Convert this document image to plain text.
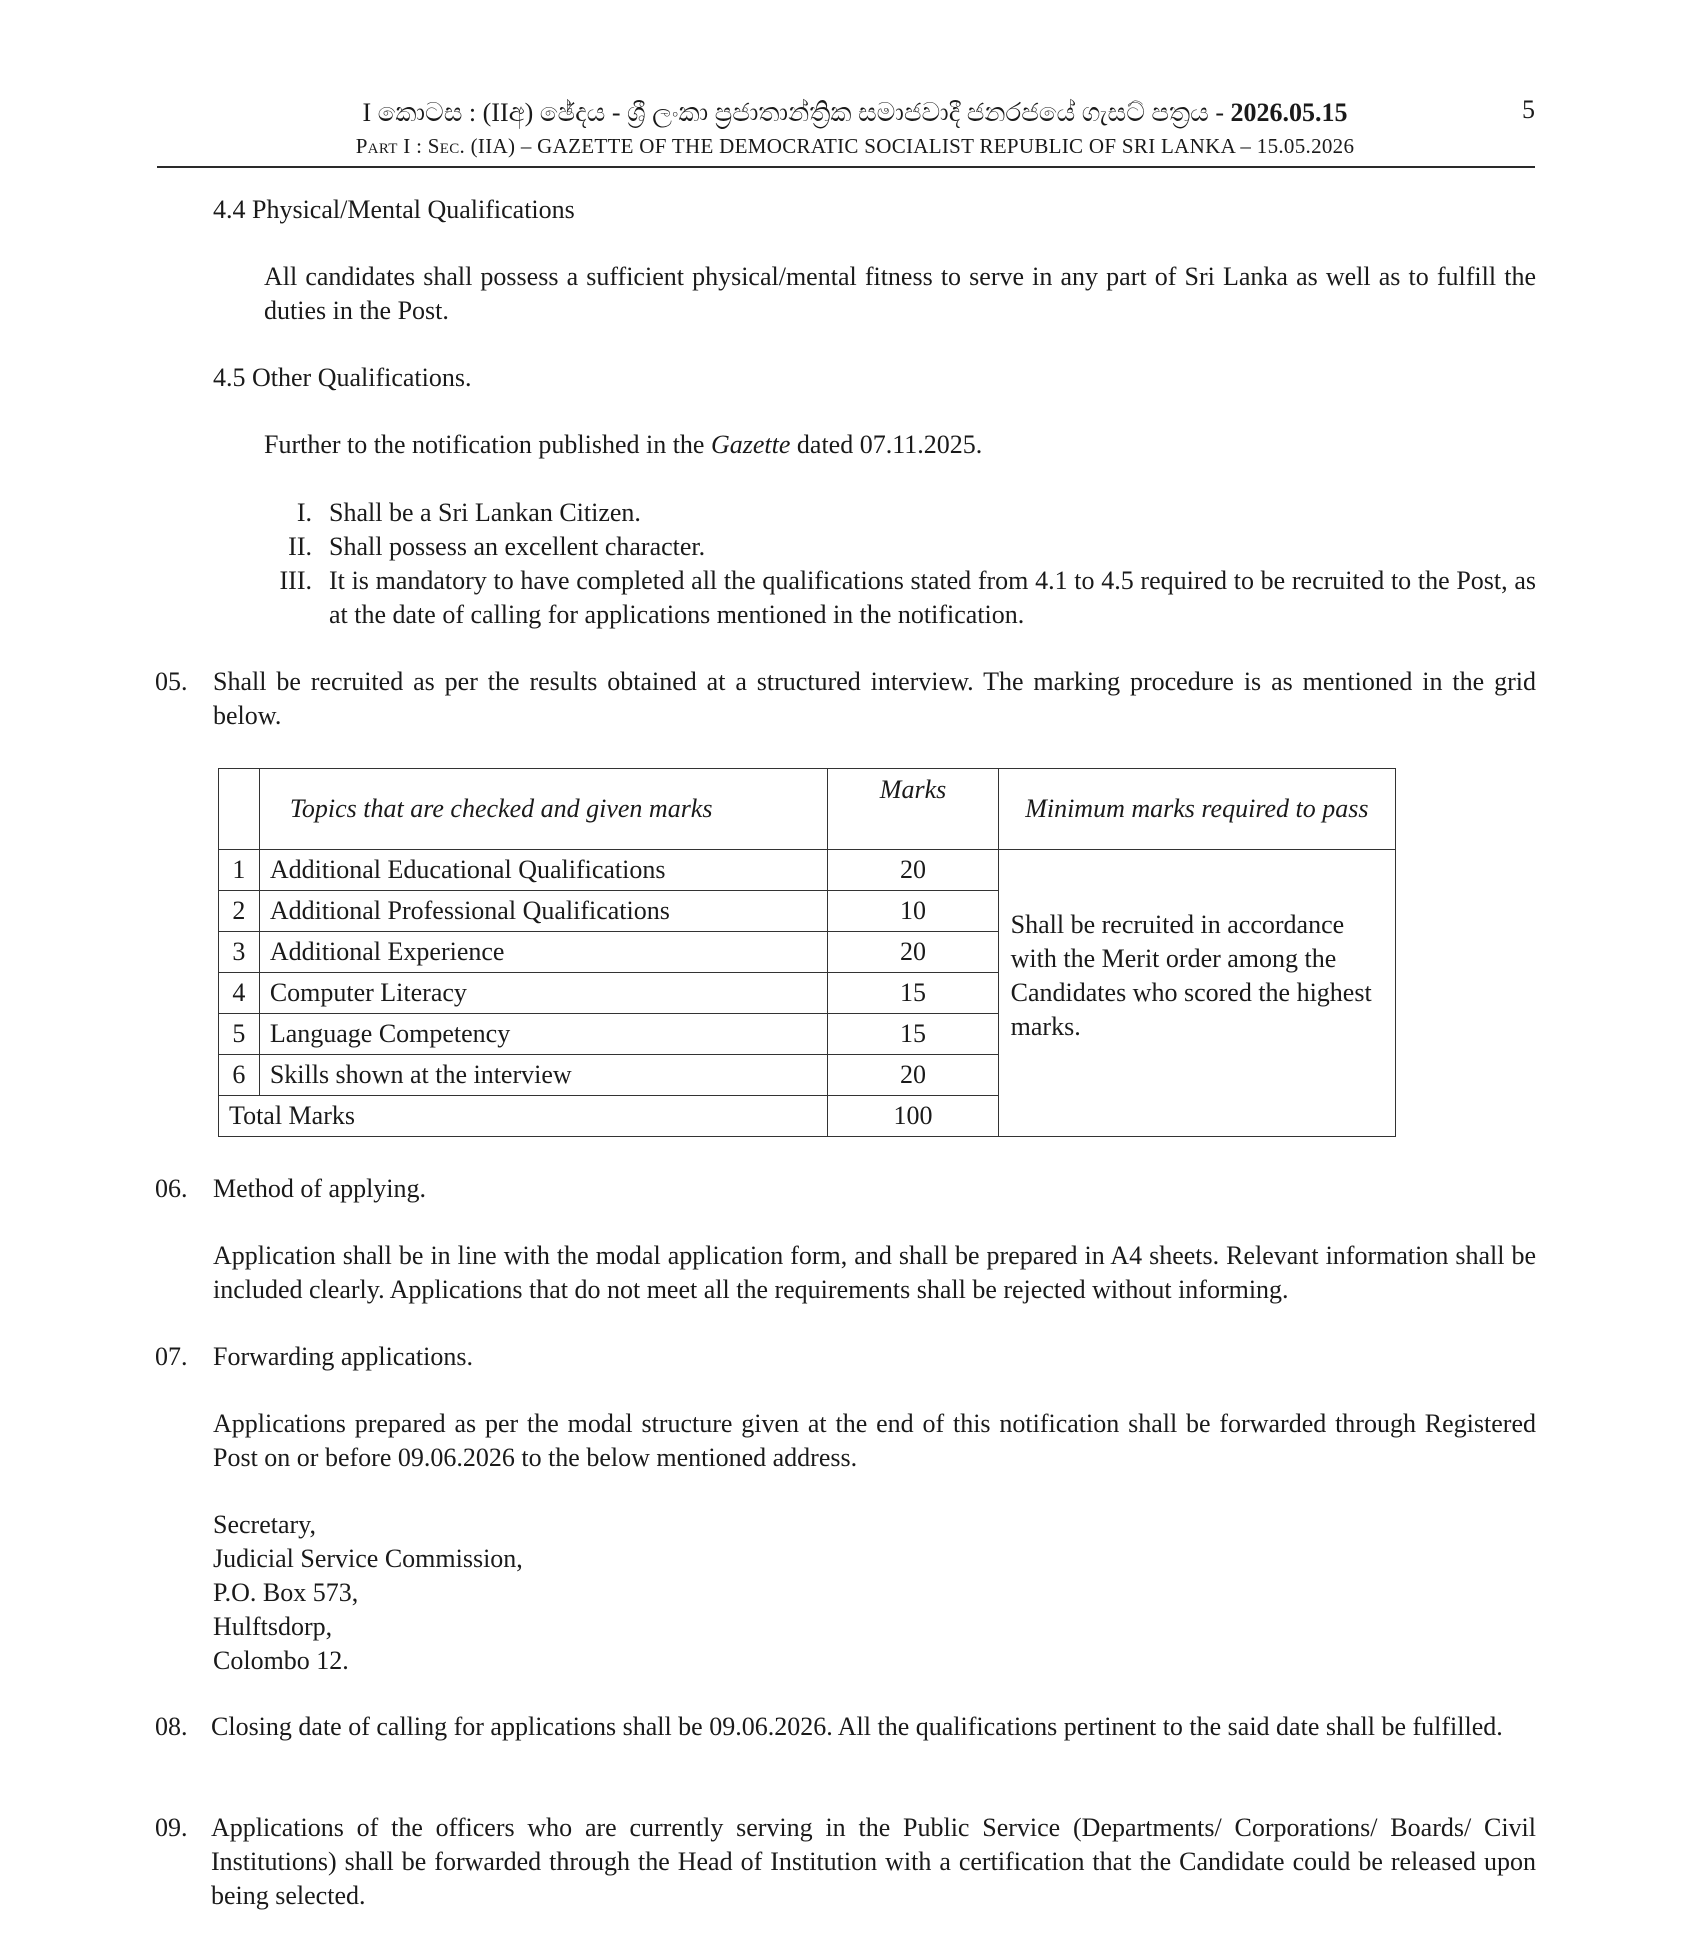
I කොටස : (IIඅ) ඡේදය - ශ්‍රී ලංකා ප්‍රජාතාන්ත්‍රික සමාජවාදී ජනරජයේ ගැසට් පත්‍රය - 2026.05.15
Part I : Sec. (IIA) – GAZETTE OF THE DEMOCRATIC SOCIALIST REPUBLIC OF SRI LANKA – 15.05.2026
5
4.4 Physical/Mental Qualifications
All candidates shall possess a sufficient physical/mental fitness to serve in any part of Sri Lanka as well as to fulfill the duties in the Post.
4.5 Other Qualifications.
Further to the notification published in the Gazette dated 07.11.2025.
I. Shall be a Sri Lankan Citizen.
II. Shall possess an excellent character.
III. It is mandatory to have completed all the qualifications stated from 4.1 to 4.5 required to be recruited to the Post, as at the date of calling for applications mentioned in the notification.
05. Shall be recruited as per the results obtained at a structured interview. The marking procedure is as mentioned in the grid below.
	Topics that are checked and given marks	Marks	Minimum marks required to pass
1	Additional Educational Qualifications	20	Shall be recruited in accordance with the Merit order among the Candidates who scored the highest marks.
2	Additional Professional Qualifications	10	
3	Additional Experience	20	
4	Computer Literacy	15	
5	Language Competency	15	
6	Skills shown at the interview	20	
Total Marks		100	
06. Method of applying.
Application shall be in line with the modal application form, and shall be prepared in A4 sheets. Relevant information shall be included clearly. Applications that do not meet all the requirements shall be rejected without informing.
07. Forwarding applications.
Applications prepared as per the modal structure given at the end of this notification shall be forwarded through Registered Post on or before 09.06.2026 to the below mentioned address.
Secretary,
Judicial Service Commission,
P.O. Box 573,
Hulftsdorp,
Colombo 12.
08. Closing date of calling for applications shall be 09.06.2026. All the qualifications pertinent to the said date shall be fulfilled.
09. Applications of the officers who are currently serving in the Public Service (Departments/ Corporations/ Boards/ Civil Institutions) shall be forwarded through the Head of Institution with a certification that the Candidate could be released upon being selected.
